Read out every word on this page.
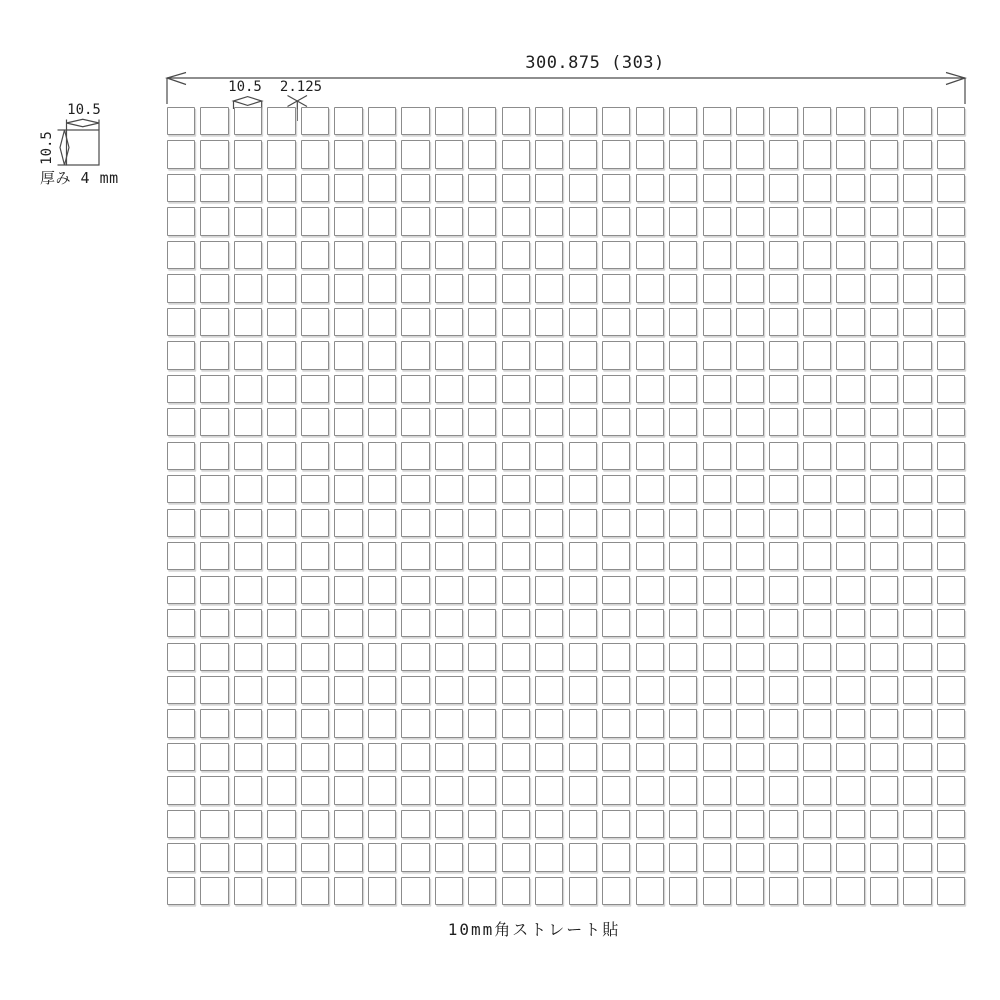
300.875 (303)
10.5	2.125
10.5
10.5
厚み 4 mm
10mm角ストレート貼
